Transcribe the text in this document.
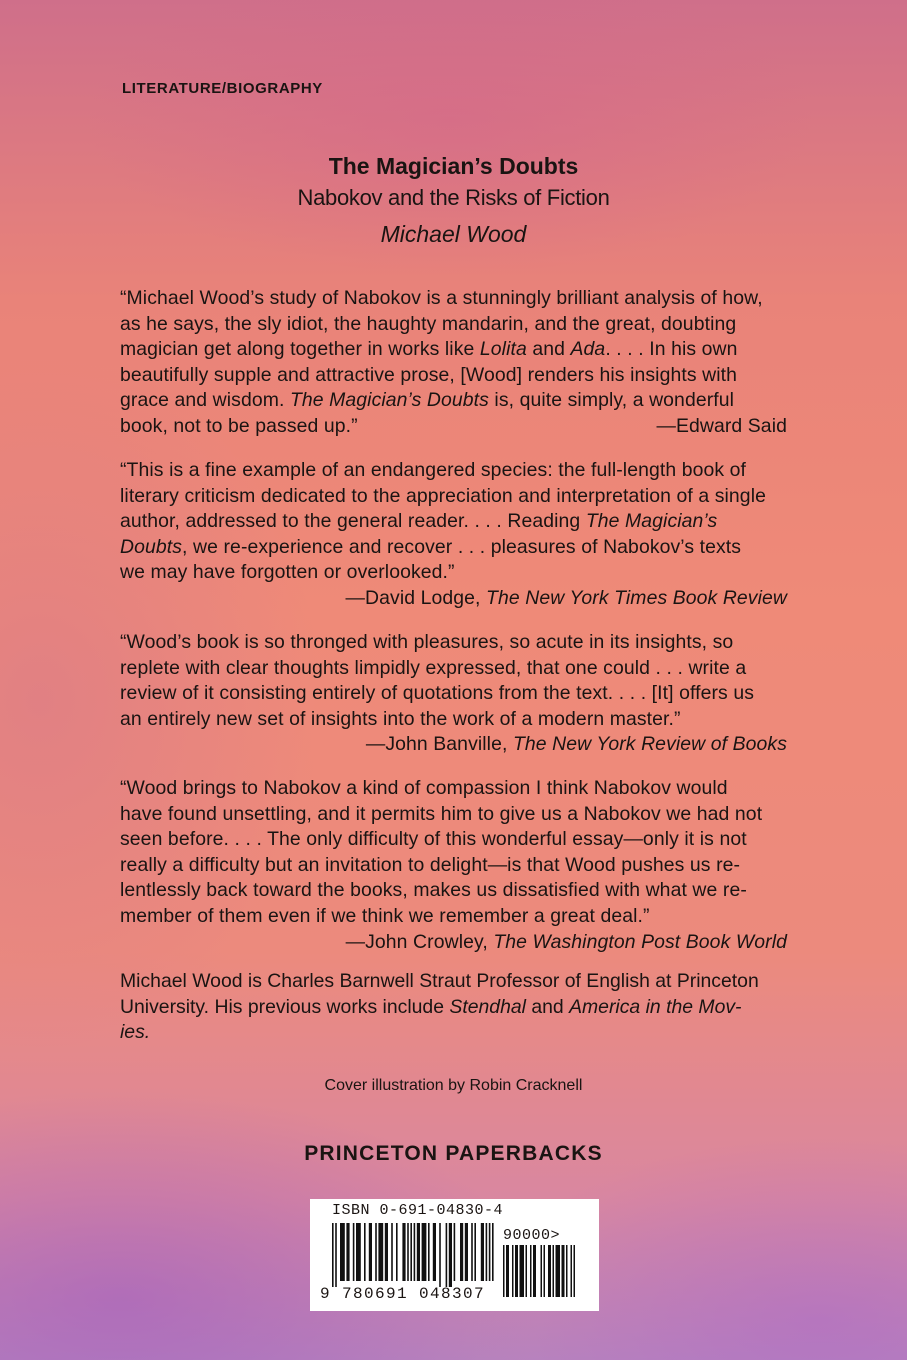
LITERATURE/BIOGRAPHY
The Magician’s Doubts
Nabokov and the Risks of Fiction
Michael Wood
“Michael Wood’s study of Nabokov is a stunningly brilliant analysis of how,
as he says, the sly idiot, the haughty mandarin, and the great, doubting
magician get along together in works like Lolita and Ada. . . . In his own
beautifully supple and attractive prose, [Wood] renders his insights with
grace and wisdom. The Magician’s Doubts is, quite simply, a wonderful
book, not to be passed up.”	—Edward Said
“This is a fine example of an endangered species: the full-length book of
literary criticism dedicated to the appreciation and interpretation of a single
author, addressed to the general reader. . . . Reading The Magician’s
Doubts, we re-experience and recover . . . pleasures of Nabokov’s texts
we may have forgotten or overlooked.”
—David Lodge, The New York Times Book Review
“Wood’s book is so thronged with pleasures, so acute in its insights, so
replete with clear thoughts limpidly expressed, that one could . . . write a
review of it consisting entirely of quotations from the text. . . . [It] offers us
an entirely new set of insights into the work of a modern master.”
—John Banville, The New York Review of Books
“Wood brings to Nabokov a kind of compassion I think Nabokov would
have found unsettling, and it permits him to give us a Nabokov we had not
seen before. . . . The only difficulty of this wonderful essay—only it is not
really a difficulty but an invitation to delight—is that Wood pushes us re-
lentlessly back toward the books, makes us dissatisfied with what we re-
member of them even if we think we remember a great deal.”
—John Crowley, The Washington Post Book World
Michael Wood is Charles Barnwell Straut Professor of English at Princeton
University. His previous works include Stendhal and America in the Mov-
ies.
Cover illustration by Robin Cracknell
PRINCETON PAPERBACKS
ISBN 0-691-04830-4
9 780691 048307
90000>
